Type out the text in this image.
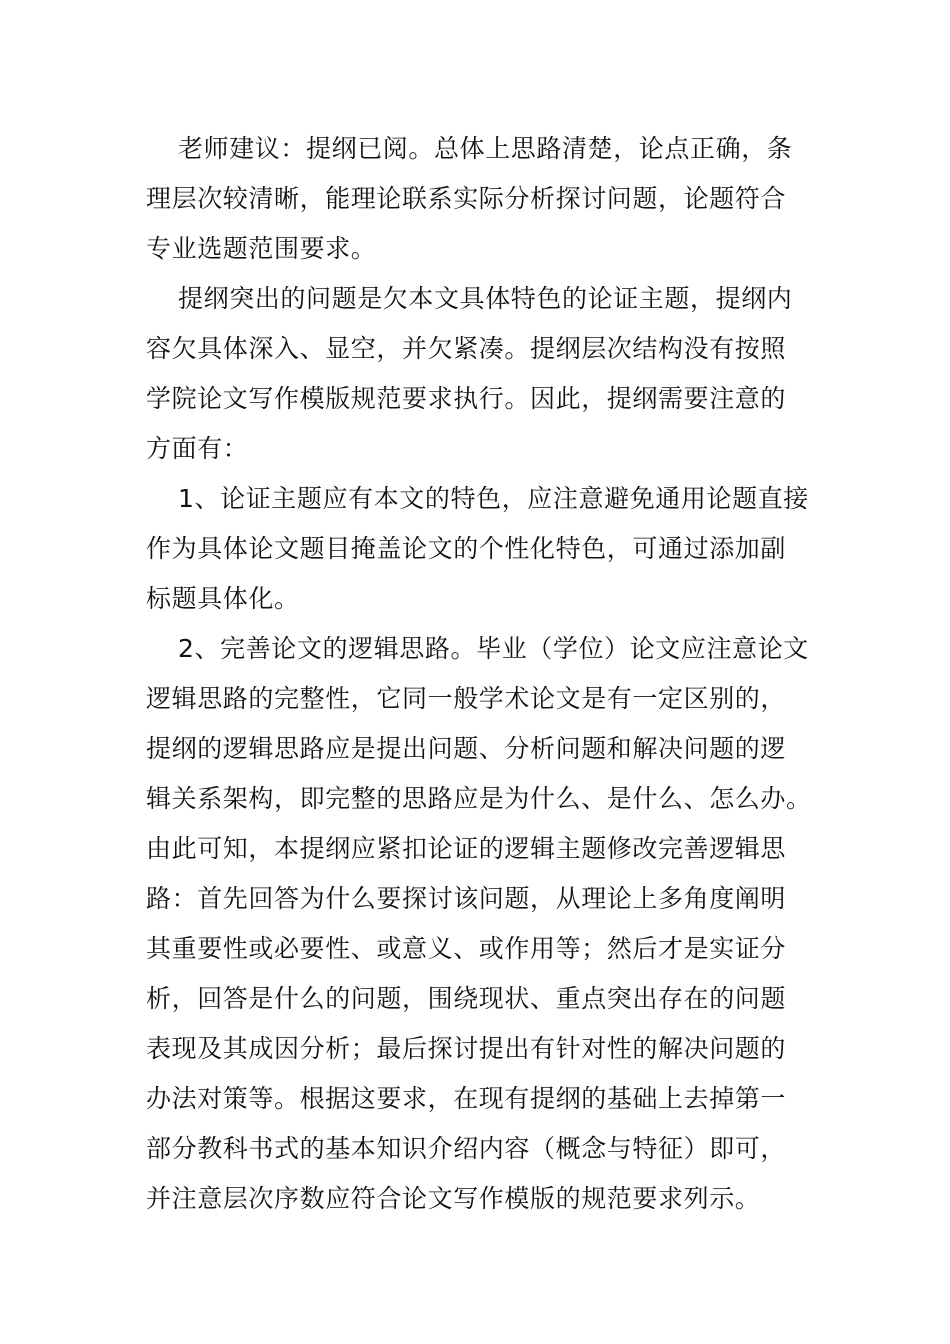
老师建议：提纲已阅。总体上思路清楚，论点正确，条
理层次较清晰，能理论联系实际分析探讨问题，论题符合
专业选题范围要求。
提纲突出的问题是欠本文具体特色的论证主题，提纲内
容欠具体深入、显空，并欠紧凑。提纲层次结构没有按照
学院论文写作模版规范要求执行。因此，提纲需要注意的
方面有：
1、论证主题应有本文的特色，应注意避免通用论题直接
作为具体论文题目掩盖论文的个性化特色，可通过添加副
标题具体化。
2、完善论文的逻辑思路。毕业（学位）论文应注意论文
逻辑思路的完整性，它同一般学术论文是有一定区别的，
提纲的逻辑思路应是提出问题、分析问题和解决问题的逻
辑关系架构，即完整的思路应是为什么、是什么、怎么办。
由此可知，本提纲应紧扣论证的逻辑主题修改完善逻辑思
路：首先回答为什么要探讨该问题，从理论上多角度阐明
其重要性或必要性、或意义、或作用等；然后才是实证分
析，回答是什么的问题，围绕现状、重点突出存在的问题
表现及其成因分析；最后探讨提出有针对性的解决问题的
办法对策等。根据这要求，在现有提纲的基础上去掉第一
部分教科书式的基本知识介绍内容（概念与特征）即可，
并注意层次序数应符合论文写作模版的规范要求列示。
